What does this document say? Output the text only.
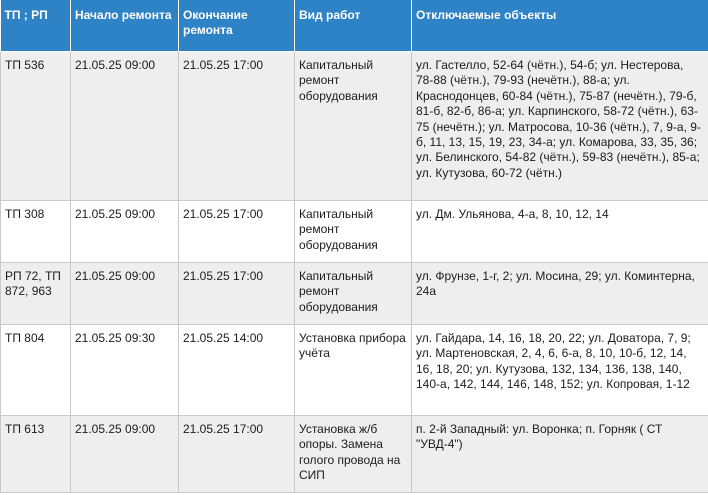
ТП ; РП	Начало ремонта	Окончание ремонта	Вид работ	Отключаемые объекты
ТП 536	21.05.25 09:00	21.05.25 17:00	Капитальный ремонт оборудования	ул. Гастелло, 52-64 (чётн.), 54-б; ул. Нестерова, 78-88 (чётн.), 79-93 (нечётн.), 88-а; ул. Краснодонцев, 60-84 (чётн.), 75-87 (нечётн.), 79-б, 81-б, 82-б, 86-а; ул. Карпинского, 58-72 (чётн.), 63-75 (нечётн.); ул. Матросова, 10-36 (чётн.), 7, 9-а, 9-б, 11, 13, 15, 19, 23, 34-а; ул. Комарова, 33, 35, 36; ул. Белинского, 54-82 (чётн.), 59-83 (нечётн.), 85-а; ул. Кутузова, 60-72 (чётн.)
ТП 308	21.05.25 09:00	21.05.25 17:00	Капитальный ремонт оборудования	ул. Дм. Ульянова, 4-а, 8, 10, 12, 14
РП 72, ТП 872, 963	21.05.25 09:00	21.05.25 17:00	Капитальный ремонт оборудования	ул. Фрунзе, 1-г, 2; ул. Мосина, 29; ул. Коминтерна, 24а
ТП 804	21.05.25 09:30	21.05.25 14:00	Установка прибора учёта	ул. Гайдара, 14, 16, 18, 20, 22; ул. Доватора, 7, 9; ул. Мартеновская, 2, 4, 6, 6-а, 8, 10, 10-б, 12, 14, 16, 18, 20; ул. Кутузова, 132, 134, 136, 138, 140, 140-а, 142, 144, 146, 148, 152; ул. Копровая, 1-12
ТП 613	21.05.25 09:00	21.05.25 17:00	Установка ж/б опоры. Замена голого провода на СИП	п. 2-й Западный: ул. Воронка; п. Горняк ( СТ "УВД-4")
